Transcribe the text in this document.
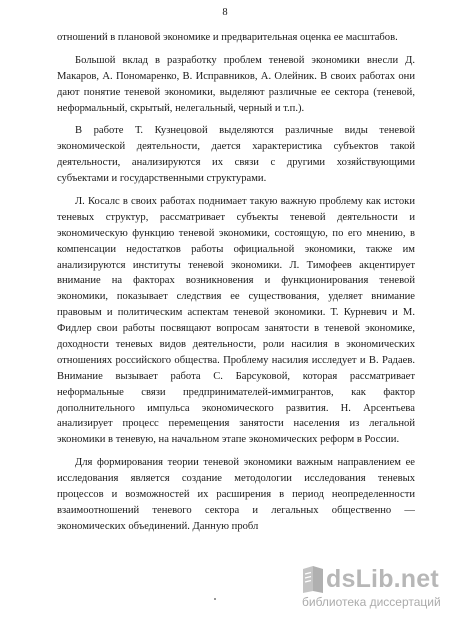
8
отношений в плановой экономике и предварительная оценка ее масштабов.
Большой вклад в разработку проблем теневой экономики внесли Д.
Макаров, А. Пономаренко, В. Исправников, А. Олейник. В своих работах они
дают понятие теневой экономики, выделяют различные ее сектора (теневой,
неформальный, скрытый, нелегальный, черный и т.п.).
В работе Т. Кузнецовой выделяются различные виды теневой
экономической деятельности, дается характеристика субъектов такой
деятельности, анализируются их связи с другими хозяйствующими
субъектами и государственными структурами.
Л. Косалс в своих работах поднимает такую важную проблему как истоки
теневых структур, рассматривает субъекты теневой деятельности и
экономическую функцию теневой экономики, состоящую, по его мнению, в
компенсации недостатков работы официальной экономики, также им
анализируются институты теневой экономики. Л. Тимофеев акцентирует
внимание на факторах возникновения и функционирования теневой
экономики, показывает следствия ее существования, уделяет внимание
правовым и политическим аспектам теневой экономики. Т. Курневич и М.
Фидлер свои работы посвящают вопросам занятости в теневой экономике,
доходности теневых видов деятельности, роли насилия в экономических
отношениях российского общества. Проблему насилия исследует и В. Радаев.
Внимание вызывает работа С. Барсуковой, которая рассматривает
неформальные связи предпринимателей-иммигрантов, как фактор
дополнительного импульса экономического развития. Н. Арсентьева
анализирует процесс перемещения занятости населения из легальной
экономики в теневую, на начальном этапе экономических реформ в России.
Для формирования теории теневой экономики важным направлением ее
исследования является создание методологии исследования теневых
процессов и возможностей их расширения в период неопределенности
взаимоотношений теневого сектора и легальных общественно —
экономических объединений. Данную пробл
dsLib.net
библиотека диссертаций
